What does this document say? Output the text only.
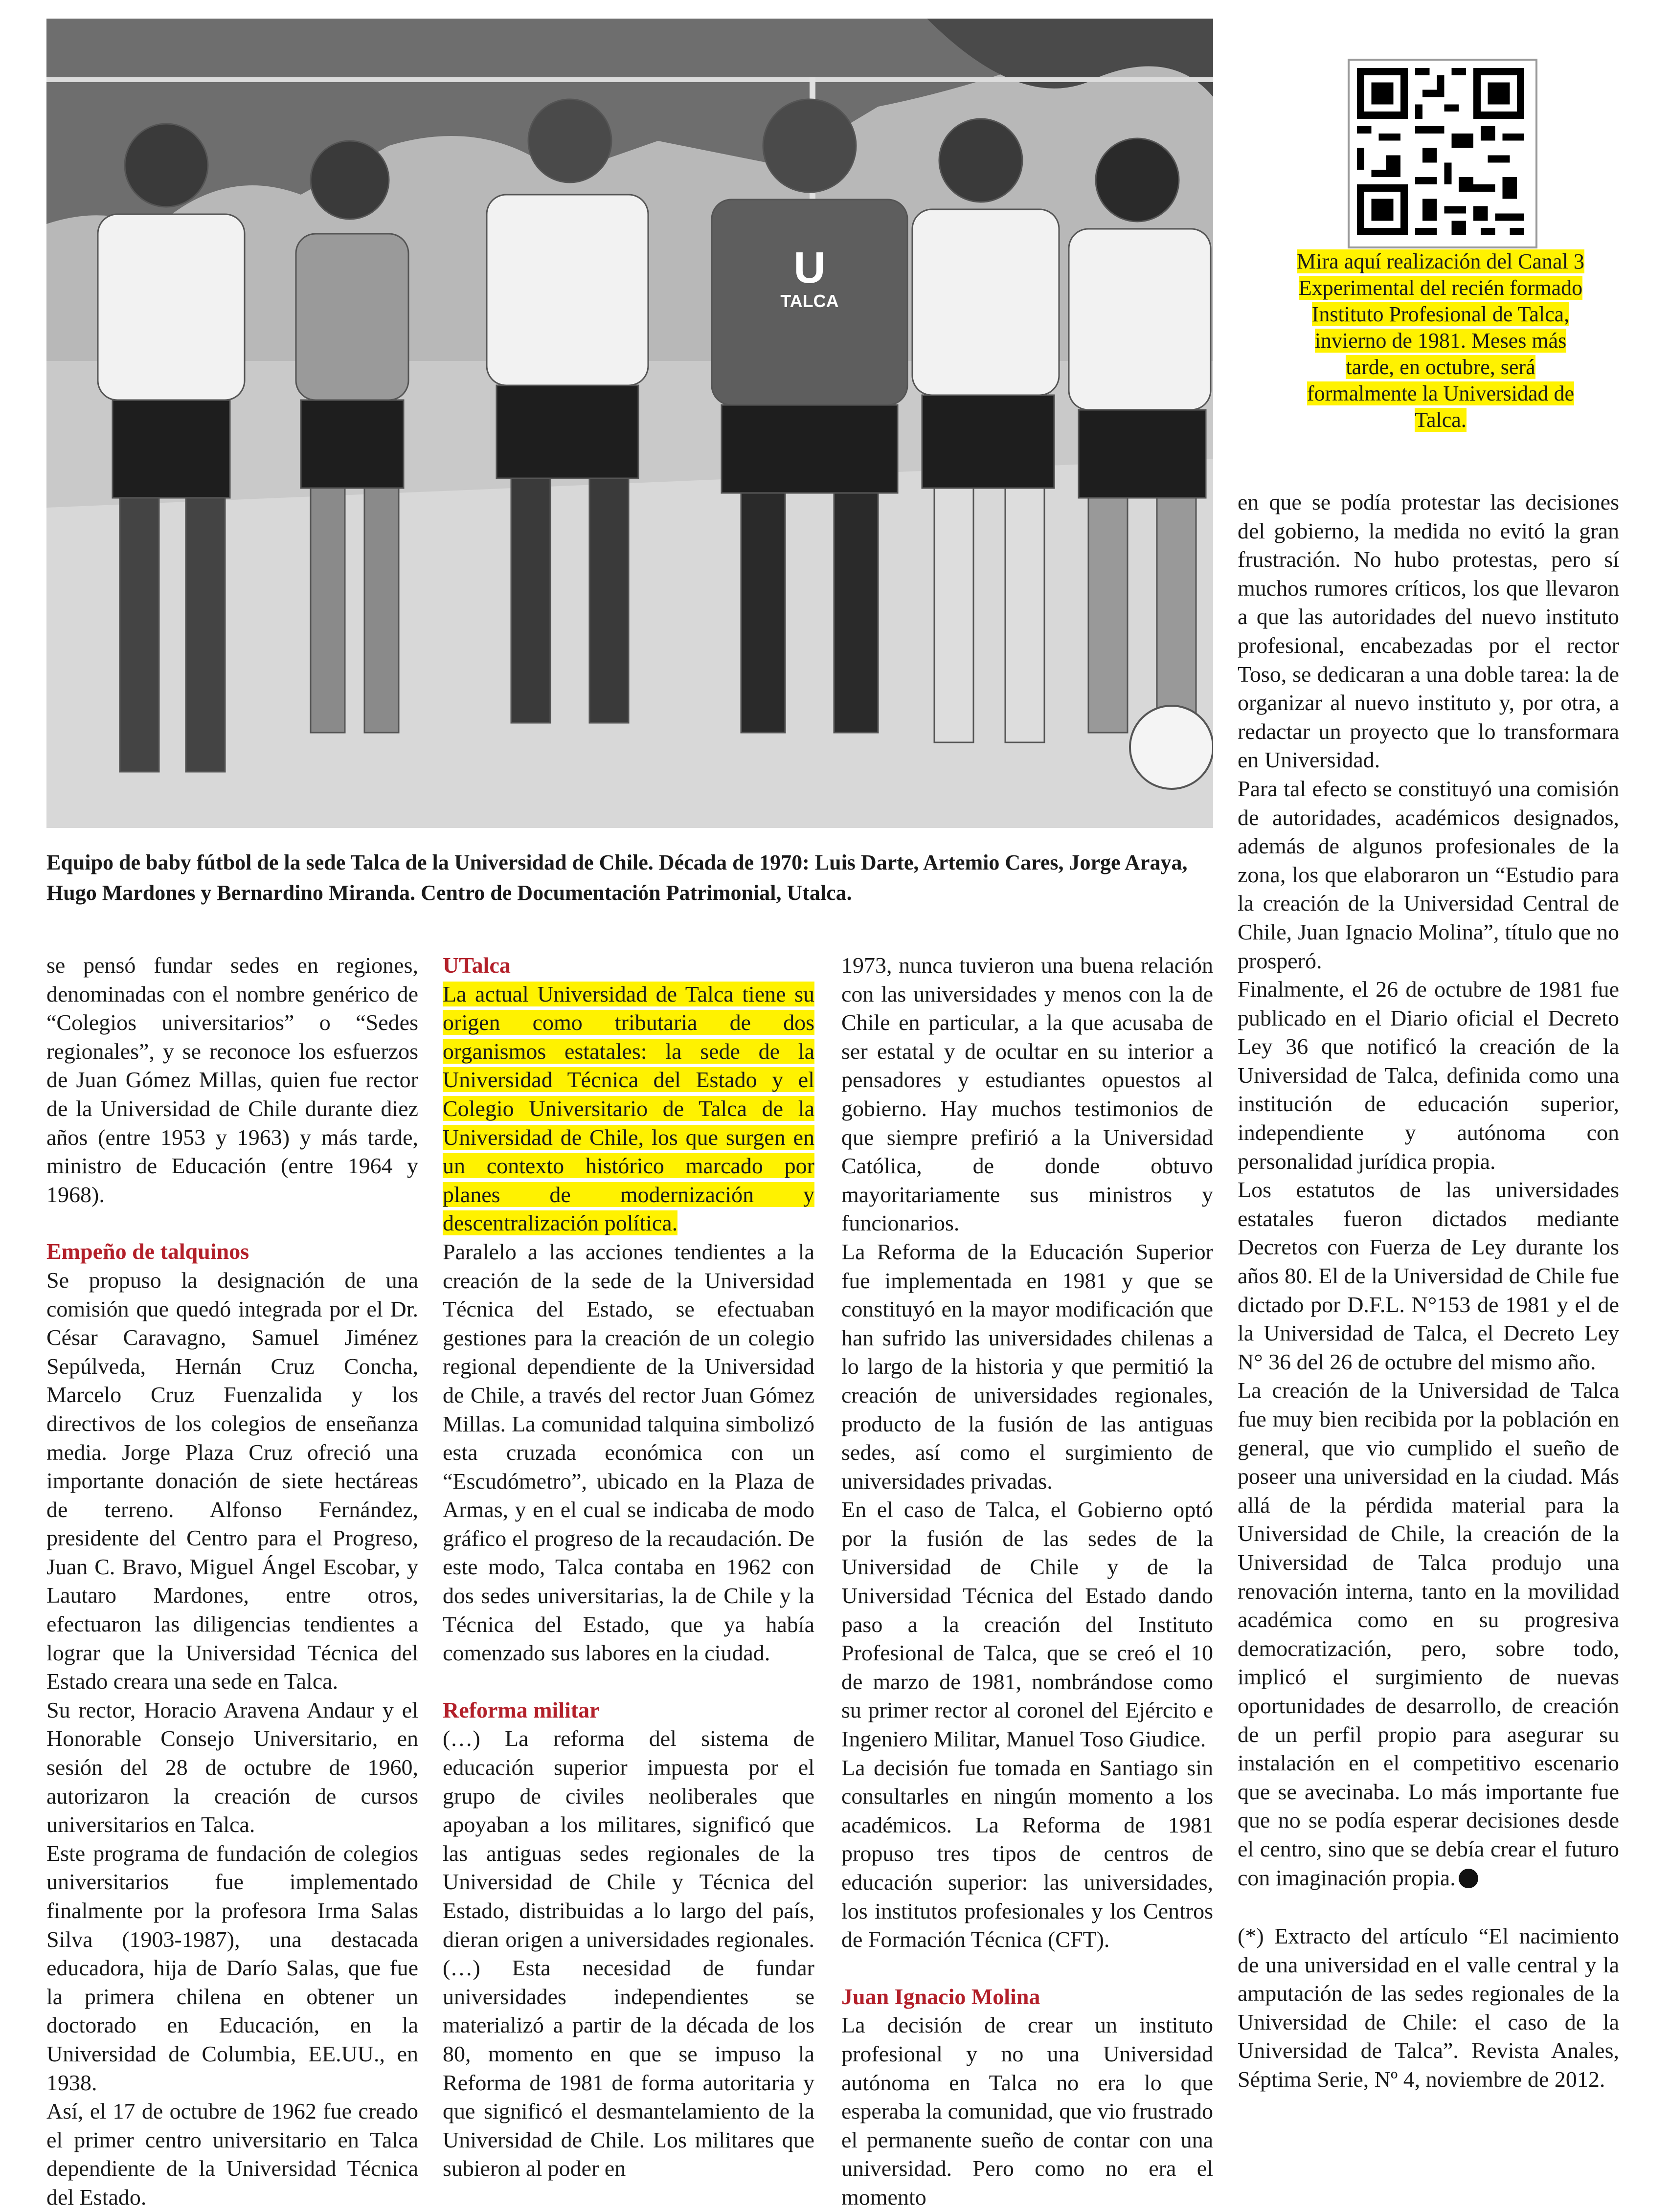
U
TALCA
Equipo de baby fútbol de la sede Talca de la Universidad de Chile. Década de 1970: Luis Darte, Artemio Cares, Jorge Araya, Hugo Mardones y Bernardino Miranda. Centro de Documentación Patrimonial, Utalca.
Mira aquí realización del Canal 3 Experimental del recién formado Instituto Profesional de Talca, invierno de 1981. Meses más tarde, en octubre, será formalmente la Universidad de Talca.

se pensó fundar sedes en regiones, denominadas con el nombre genérico de “Colegios universitarios” o “Sedes regionales”, y se reconoce los esfuerzos de Juan Gómez Millas, quien fue rector de la Universidad de Chile durante diez años (entre 1953 y 1963) y más tarde, ministro de Educación (entre 1964 y 1968).

Empeño de talquinos

Se propuso la designación de una comisión que quedó integrada por el Dr. César Caravagno, Samuel Jiménez Sepúlveda, Hernán Cruz Concha, Marcelo Cruz Fuenzalida y los directivos de los colegios de enseñanza media. Jorge Plaza Cruz ofreció una importante donación de siete hectáreas de terreno. Alfonso Fernández, presidente del Centro para el Progreso, Juan C. Bravo, Miguel Ángel Escobar, y Lautaro Mardones, entre otros, efectuaron las diligencias tendientes a lograr que la Universidad Técnica del Estado creara una sede en Talca.

Su rector, Horacio Aravena Andaur y el Honorable Consejo Universitario, en sesión del 28 de octubre de 1960, autorizaron la creación de cursos universitarios en Talca.

Este programa de fundación de colegios universitarios fue implementado finalmente por la profesora Irma Salas Silva (1903-1987), una destacada educadora, hija de Darío Salas, que fue la primera chilena en obtener un doctorado en Educación, en la Universidad de Columbia, EE.UU., en 1938.

Así, el 17 de octubre de 1962 fue creado el primer centro universitario en Talca dependiente de la Universidad Técnica del Estado.

UTalca

La actual Universidad de Talca tiene su origen como tributaria de dos organismos estatales: la sede de la Universidad Técnica del Estado y el Colegio Universitario de Talca de la Universidad de Chile, los que surgen en un contexto histórico marcado por planes de modernización y descentralización política.

Paralelo a las acciones tendientes a la creación de la sede de la Universidad Técnica del Estado, se efectuaban gestiones para la creación de un colegio regional dependiente de la Universidad de Chile, a través del rector Juan Gómez Millas. La comunidad talquina simbolizó esta cruzada económica con un “Escudómetro”, ubicado en la Plaza de Armas, y en el cual se indicaba de modo gráfico el progreso de la recaudación. De este modo, Talca contaba en 1962 con dos sedes universitarias, la de Chile y la Técnica del Estado, que ya había comenzado sus labores en la ciudad.

Reforma militar

(…) La reforma del sistema de educación superior impuesta por el grupo de civiles neoliberales que apoyaban a los militares, significó que las antiguas sedes regionales de la Universidad de Chile y Técnica del Estado, distribuidas a lo largo del país, dieran origen a universidades regionales. (…) Esta necesidad de fundar universidades independientes se materializó a partir de la década de los 80, momento en que se impuso la Reforma de 1981 de forma autoritaria y que significó el desmantelamiento de la Universidad de Chile. Los militares que subieron al poder en

1973, nunca tuvieron una buena relación con las universidades y menos con la de Chile en particular, a la que acusaba de ser estatal y de ocultar en su interior a pensadores y estudiantes opuestos al gobierno. Hay muchos testimonios de que siempre prefirió a la Universidad Católica, de donde obtuvo mayoritariamente sus ministros y funcionarios.

La Reforma de la Educación Superior fue implementada en 1981 y que se constituyó en la mayor modificación que han sufrido las universidades chilenas a lo largo de la historia y que permitió la creación de universidades regionales, producto de la fusión de las antiguas sedes, así como el surgimiento de universidades privadas.

En el caso de Talca, el Gobierno optó por la fusión de las sedes de la Universidad de Chile y de la Universidad Técnica del Estado dando paso a la creación del Instituto Profesional de Talca, que se creó el 10 de marzo de 1981, nombrándose como su primer rector al coronel del Ejército e Ingeniero Militar, Manuel Toso Giudice.

La decisión fue tomada en Santiago sin consultarles en ningún momento a los académicos. La Reforma de 1981 propuso tres tipos de centros de educación superior: las universidades, los institutos profesionales y los Centros de Formación Técnica (CFT).

Juan Ignacio Molina

La decisión de crear un instituto profesional y no una Universidad autónoma en Talca no era lo que esperaba la comunidad, que vio frustrado el permanente sueño de contar con una universidad. Pero como no era el momento

en que se podía protestar las decisiones del gobierno, la medida no evitó la gran frustración. No hubo protestas, pero sí muchos rumores críticos, los que llevaron a que las autoridades del nuevo instituto profesional, encabezadas por el rector Toso, se dedicaran a una doble tarea: la de organizar al nuevo instituto y, por otra, a redactar un proyecto que lo transformara en Universidad.

Para tal efecto se constituyó una comisión de autoridades, académicos designados, además de algunos profesionales de la zona, los que elaboraron un “Estudio para la creación de la Universidad Central de Chile, Juan Ignacio Molina”, título que no prosperó.

Finalmente, el 26 de octubre de 1981 fue publicado en el Diario oficial el Decreto Ley 36 que notificó la creación de la Universidad de Talca, definida como una institución de educación superior, independiente y autónoma con personalidad jurídica propia.

Los estatutos de las universidades estatales fueron dictados mediante Decretos con Fuerza de Ley durante los años 80. El de la Universidad de Chile fue dictado por D.F.L. N°153 de 1981 y el de la Universidad de Talca, el Decreto Ley N° 36 del 26 de octubre del mismo año.

La creación de la Universidad de Talca fue muy bien recibida por la población en general, que vio cumplido el sueño de poseer una universidad en la ciudad. Más allá de la pérdida material para la Universidad de Chile, la creación de la Universidad de Talca produjo una renovación interna, tanto en la movilidad académica como en su progresiva democratización, pero, sobre todo, implicó el surgimiento de nuevas oportunidades de desarrollo, de creación de un perfil propio para asegurar su instalación en el competitivo escenario que se avecinaba. Lo más importante fue que no se podía esperar decisiones desde el centro, sino que se debía crear el futuro con imaginación propia.

(*) Extracto del artículo “El nacimiento de una universidad en el valle central y la amputación de las sedes regionales de la Universidad de Chile: el caso de la Universidad de Talca”. Revista Anales, Séptima Serie, Nº 4, noviembre de 2012.
